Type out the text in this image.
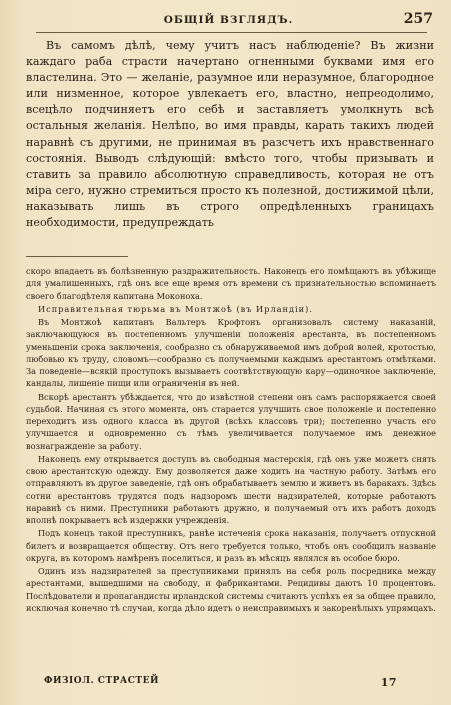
ОБЩІЙ ВЗГЛЯДЪ.	257

Въ самомъ дѣлѣ, чему учитъ насъ наблюденіе? Въ жизни каждаго раба страсти начертано огненными буквами имя его властелина. Это — желаніе, разумное или неразумное, благородное или низменное, которое увлекаетъ его, властно, непреодолимо, всецѣло подчиняетъ его себѣ и заставляетъ умолкнуть всѣ остальныя желанія. Нелѣпо, во имя правды, карать такихъ людей наравнѣ съ другими, не принимая въ разсчетъ ихъ нравственнаго состоянія. Выводъ слѣдующій: вмѣсто того, чтобы призывать и ставить за правило абсолютную справедливость, которая не отъ міра сего, нужно стремиться просто къ полезной, достижимой цѣли, наказывать лишь въ строго опредѣленныхъ границахъ необходимости, предупреждать

скоро впадаетъ въ болѣзненную раздражительность. Наконецъ его помѣщаютъ въ убѣжище для умалишенныхъ, гдѣ онъ все еще время отъ времени съ признательностью вспоминаетъ своего благодѣтеля капитана Моконоха.

Исправительная тюрьма въ Монтжоѣ (въ Ирландіи).

Въ Монтжоѣ капитанъ Вальтеръ Крофтонъ организовалъ систему наказаній, заключающуюся въ постепенномъ улучшеніи положенія арестанта, въ постепенномъ уменьшеніи срока заключенія, сообразно съ обнаруживаемой имъ доброй волей, кротостью, любовью къ труду, словомъ—сообразно съ получаемыми каждымъ арестантомъ отмѣтками. За поведеніе—всякій проступокъ вызываетъ соотвѣтствующую кару—одиночное заключеніе, кандалы, лишеніе пищи или ограниченія въ ней.

Вскорѣ арестантъ убѣждается, что до извѣстной степени онъ самъ распоряжается своей судьбой. Начиная съ этого момента, онъ старается улучшить свое положеніе и постепенно переходитъ изъ одного класса въ другой (всѣхъ классовъ три); постепенно участь его улучшается и одновременно съ тѣмъ увеличивается получаемое имъ денежное вознагражденіе за работу.

Наконецъ ему открывается доступъ въ свободныя мастерскія, гдѣ онъ уже можетъ снять свою арестантскую одежду. Ему дозволяется даже ходить на частную работу. Затѣмъ его отправляютъ въ другое заведеніе, гдѣ онъ обрабатываетъ землю и живетъ въ баракахъ. Здѣсь сотни арестантовъ трудятся подъ надзоромъ шести надзирателей, которые работаютъ наравнѣ съ ними. Преступники работаютъ дружно, и получаемый отъ ихъ работъ доходъ вполнѣ покрываетъ всѣ издержки учрежденія.

Подъ конецъ такой преступникъ, ранѣе истеченія срока наказанія, получаетъ отпускной билетъ и возвращается обществу. Отъ него требуется только, чтобъ онъ сообщилъ названіе округа, въ которомъ намѣренъ поселиться, и разъ въ мѣсяцъ являлся въ особое бюро.

Одинъ изъ надзирателей за преступниками принялъ на себя роль посредника между арестантами, вышедшими на свободу, и фабрикантами. Рецидивы даютъ 10 процентовъ. Послѣдователи и пропагандисты ирландской системы считаютъ успѣхъ ея за общее правило, исключая конечно тѣ случаи, когда дѣло идетъ о неисправимыхъ и закоренѣлыхъ упрямцахъ.

ФИЗІОЛ. СТРАСТЕЙ	17
